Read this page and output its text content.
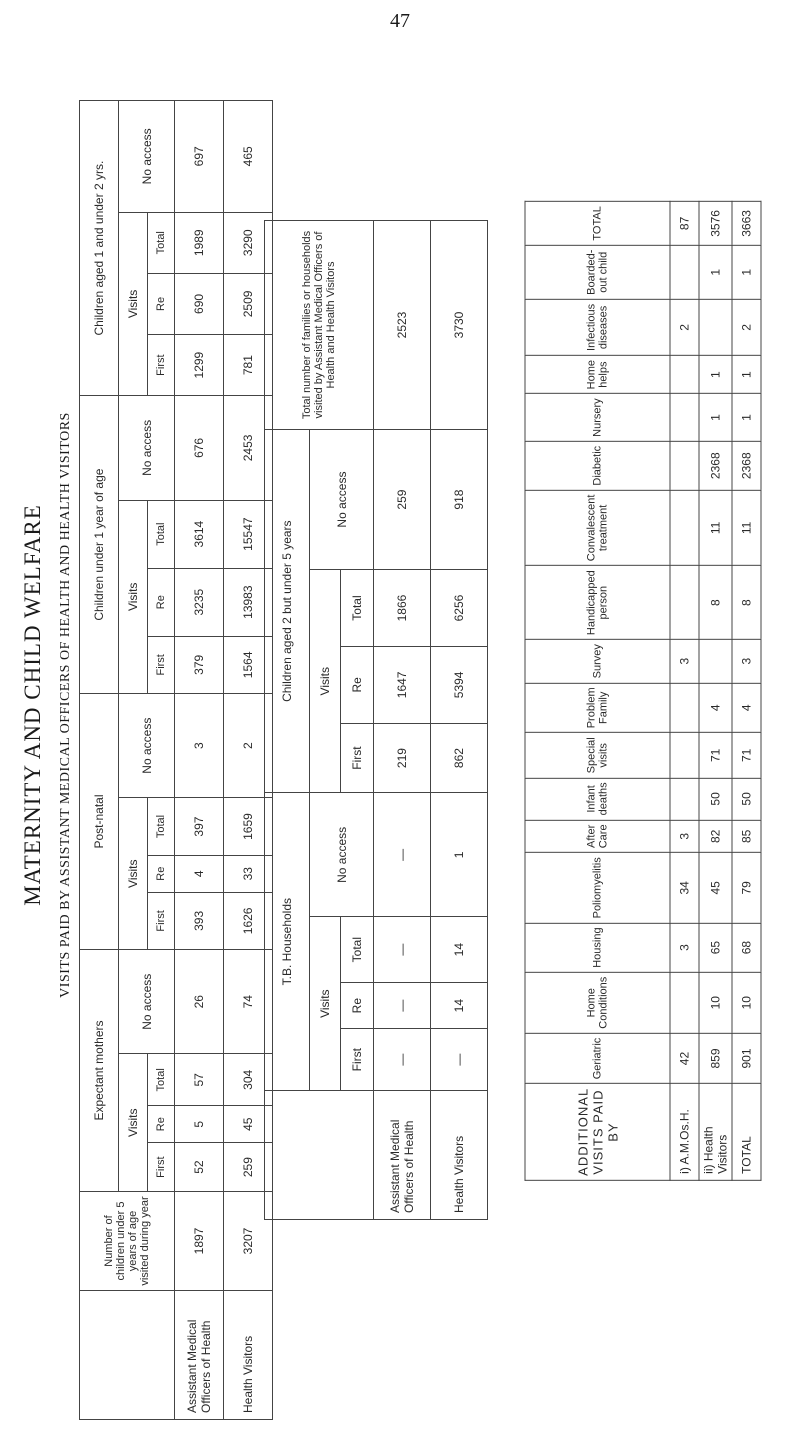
47
MATERNITY AND CHILD WELFARE VISITS PAID BY ASSISTANT MEDICAL OFFICERS OF HEALTH AND HEALTH VISITORS
	Number of children under 5 years of age visited during year	Expectant mothers				Post-natal				Children under 1 year of age				Children aged 1 and under 2 yrs.			
		Visits			No access	Visits			No access	Visits			No access	Visits			No access
		First	Re	Total		First	Re	Total		First	Re	Total		First	Re	Total	
Assistant Medical Officers of Health	1897	52	5	57	26	393	4	397	3	379	3235	3614	676	1299	690	1989	697
Health Visitors	3207	259	45	304	74	1626	33	1659	2	1564	13983	15547	2453	781	2509	3290	465
	T.B. Households				Children aged 2 but under 5 years				Total number of families or households visited by Assistant Medical Officers of Health and Health Visitors
	Visits			No access	Visits			No access	
	First	Re	Total		First	Re	Total		
Assistant Medical Officers of Health	—	—	—	—	219	1647	1866	259	2523
Health Visitors	—	14	14	1	862	5394	6256	918	3730
ADDITIONAL VISITS PAID BY	Geriatric	Home Conditions	Housing	Poliomyelitis	After Care	Infant deaths	Special visits	Problem Family	Survey	Handicapped person	Convalescent treatment	Diabetic	Nursery	Home helps	Infectious diseases	Boarded-out child	TOTAL
i) A.M.Os.H.	42		3	34	3				3						2		87
ii) Health Visitors	859	10	65	45	82	50	71	4		8	11	2368	1	1		1	3576
TOTAL	901	10	68	79	85	50	71	4	3	8	11	2368	1	1	2	1	3663
